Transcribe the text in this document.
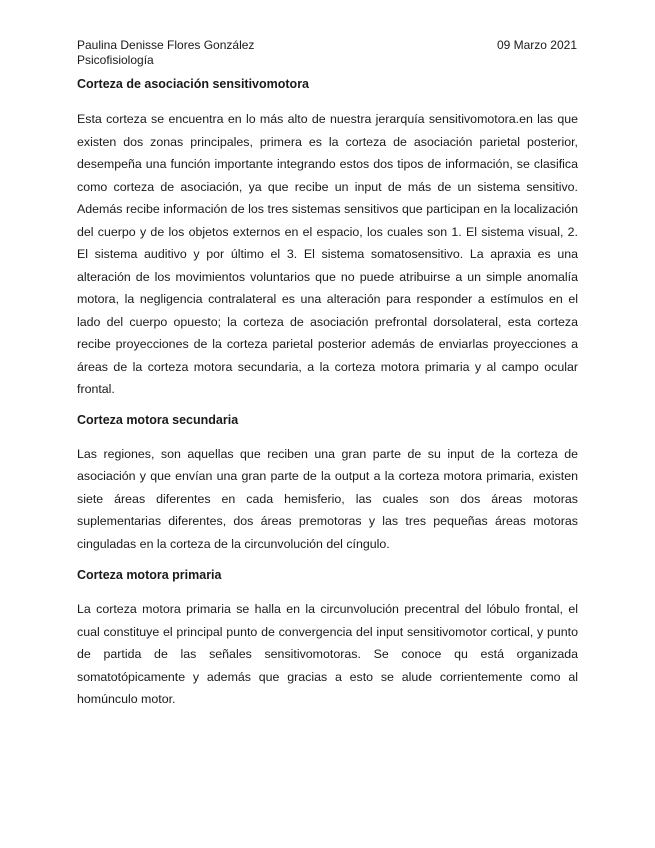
Paulina Denisse Flores González
Psicofisiología
09 Marzo 2021
Corteza de asociación sensitivomotora

Esta corteza se encuentra en lo más alto de nuestra jerarquía sensitivomotora.en las que existen dos zonas principales, primera es la corteza de asociación parietal posterior, desempeña una función importante integrando estos dos tipos de información, se clasifica como corteza de asociación, ya que recibe un input de más de un sistema sensitivo. Además recibe información de los tres sistemas sensitivos que participan en la localización del cuerpo y de los objetos externos en el espacio, los cuales son 1. El sistema visual, 2. El sistema auditivo y por último el 3. El sistema somatosensitivo. La apraxia es una alteración de los movimientos voluntarios que no puede atribuirse a un simple anomalía motora, la negligencia contralateral es una alteración para responder a estímulos en el lado del cuerpo opuesto; la corteza de asociación prefrontal dorsolateral, esta corteza recibe proyecciones de la corteza parietal posterior además de enviarlas proyecciones a áreas de la corteza motora secundaria, a la corteza motora primaria y al campo ocular frontal.

Corteza motora secundaria

Las regiones, son aquellas que reciben una gran parte de su input de la corteza de asociación y que envían una gran parte de la output a la corteza motora primaria, existen siete áreas diferentes en cada hemisferio, las cuales son dos áreas motoras suplementarias diferentes, dos áreas premotoras y las tres pequeñas áreas motoras cinguladas en la corteza de la circunvolución del cíngulo.

Corteza motora primaria

La corteza motora primaria se halla en la circunvolución precentral del lóbulo frontal, el cual constituye el principal punto de convergencia del input sensitivomotor cortical, y punto de partida de las señales sensitivomotoras. Se conoce qu está organizada somatotópicamente y además que gracias a esto se alude corrientemente como al homúnculo motor.
